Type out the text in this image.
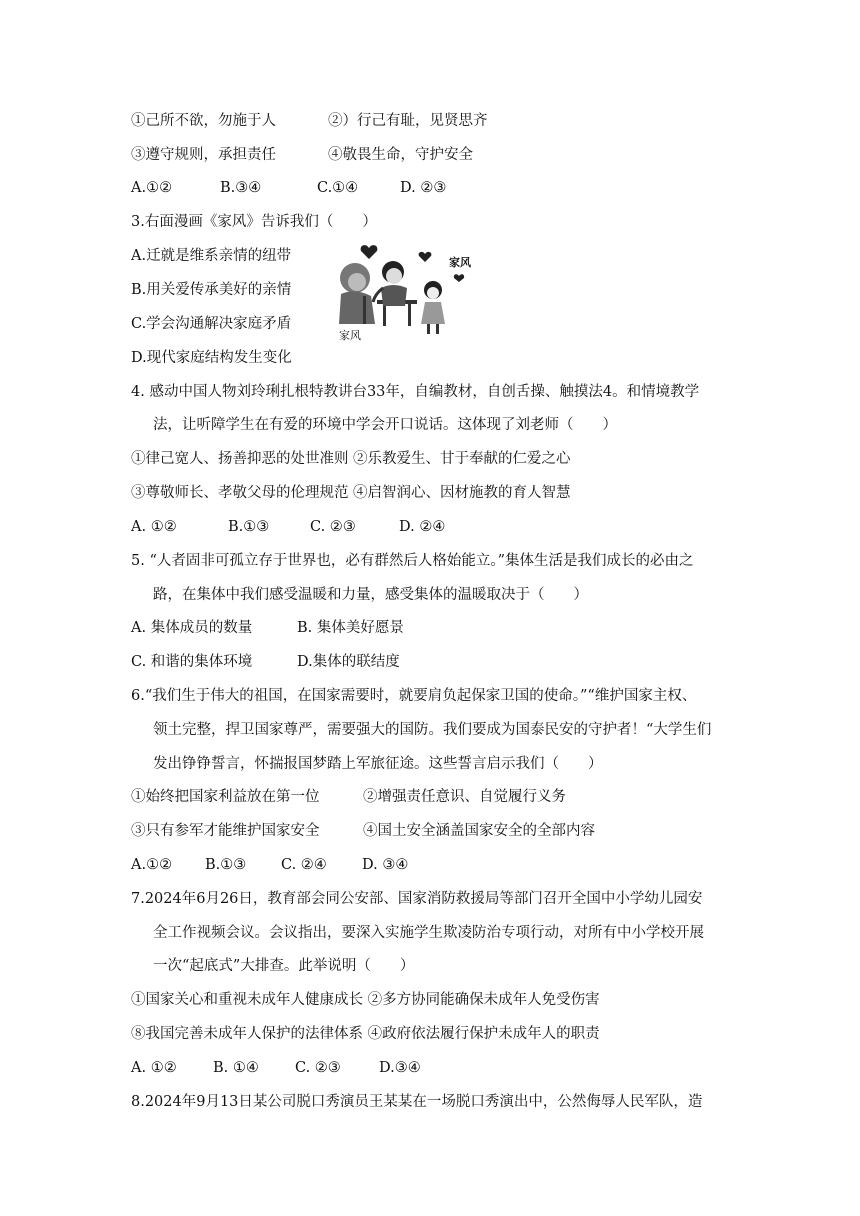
①己所不欲，勿施于人	②）行己有耻，见贤思齐
③遵守规则，承担责任	④敬畏生命，守护安全
A.①②	B.③④	C.①④	D. ②③
3.右面漫画《家风》告诉我们（　　）
A.迁就是维系亲情的纽带
B.用关爱传承美好的亲情
C.学会沟通解决家庭矛盾
D.现代家庭结构发生变化
家风
家风
4. 感动中国人物刘玲琍扎根特教讲台33年，自编教材，自创舌操、触摸法4。和情境教学
法，让听障学生在有爱的环境中学会开口说话。这体现了刘老师（　　）
①律己宽人、扬善抑恶的处世准则 ②乐教爱生、甘于奉献的仁爱之心
③尊敬师长、孝敬父母的伦理规范 ④启智润心、因材施教的育人智慧
A. ①②	B.①③	C. ②③	D. ②④
5. “人者固非可孤立存于世界也，必有群然后人格始能立。”集体生活是我们成长的必由之
路，在集体中我们感受温暖和力量，感受集体的温暖取决于（　　）
A. 集体成员的数量	B. 集体美好愿景
C. 和谐的集体环境	D.集体的联结度
6.“我们生于伟大的祖国，在国家需要时，就要肩负起保家卫国的使命。”“维护国家主权、
领土完整，捍卫国家尊严，需要强大的国防。我们要成为国泰民安的守护者！“大学生们
发出铮铮誓言，怀揣报国梦踏上军旅征途。这些誓言启示我们（　　）
①始终把国家利益放在第一位	②增强责任意识、自觉履行义务
③只有参军才能维护国家安全	④国土安全涵盖国家安全的全部内容
A.①② B.①③ C. ②④ D. ③④
7.2024年6月26日，教育部会同公安部、国家消防救援局等部门召开全国中小学幼儿园安
全工作视频会议。会议指出，要深入实施学生欺凌防治专项行动，对所有中小学校开展
一次“起底式”大排查。此举说明（　　）
①国家关心和重视未成年人健康成长 ②多方协同能确保未成年人免受伤害
⑧我国完善未成年人保护的法律体系 ④政府依法履行保护未成年人的职责
A. ①②	B. ①④ C. ②③	D.③④
8.2024年9月13日某公司脱口秀演员王某某在一场脱口秀演出中，公然侮辱人民军队，造
